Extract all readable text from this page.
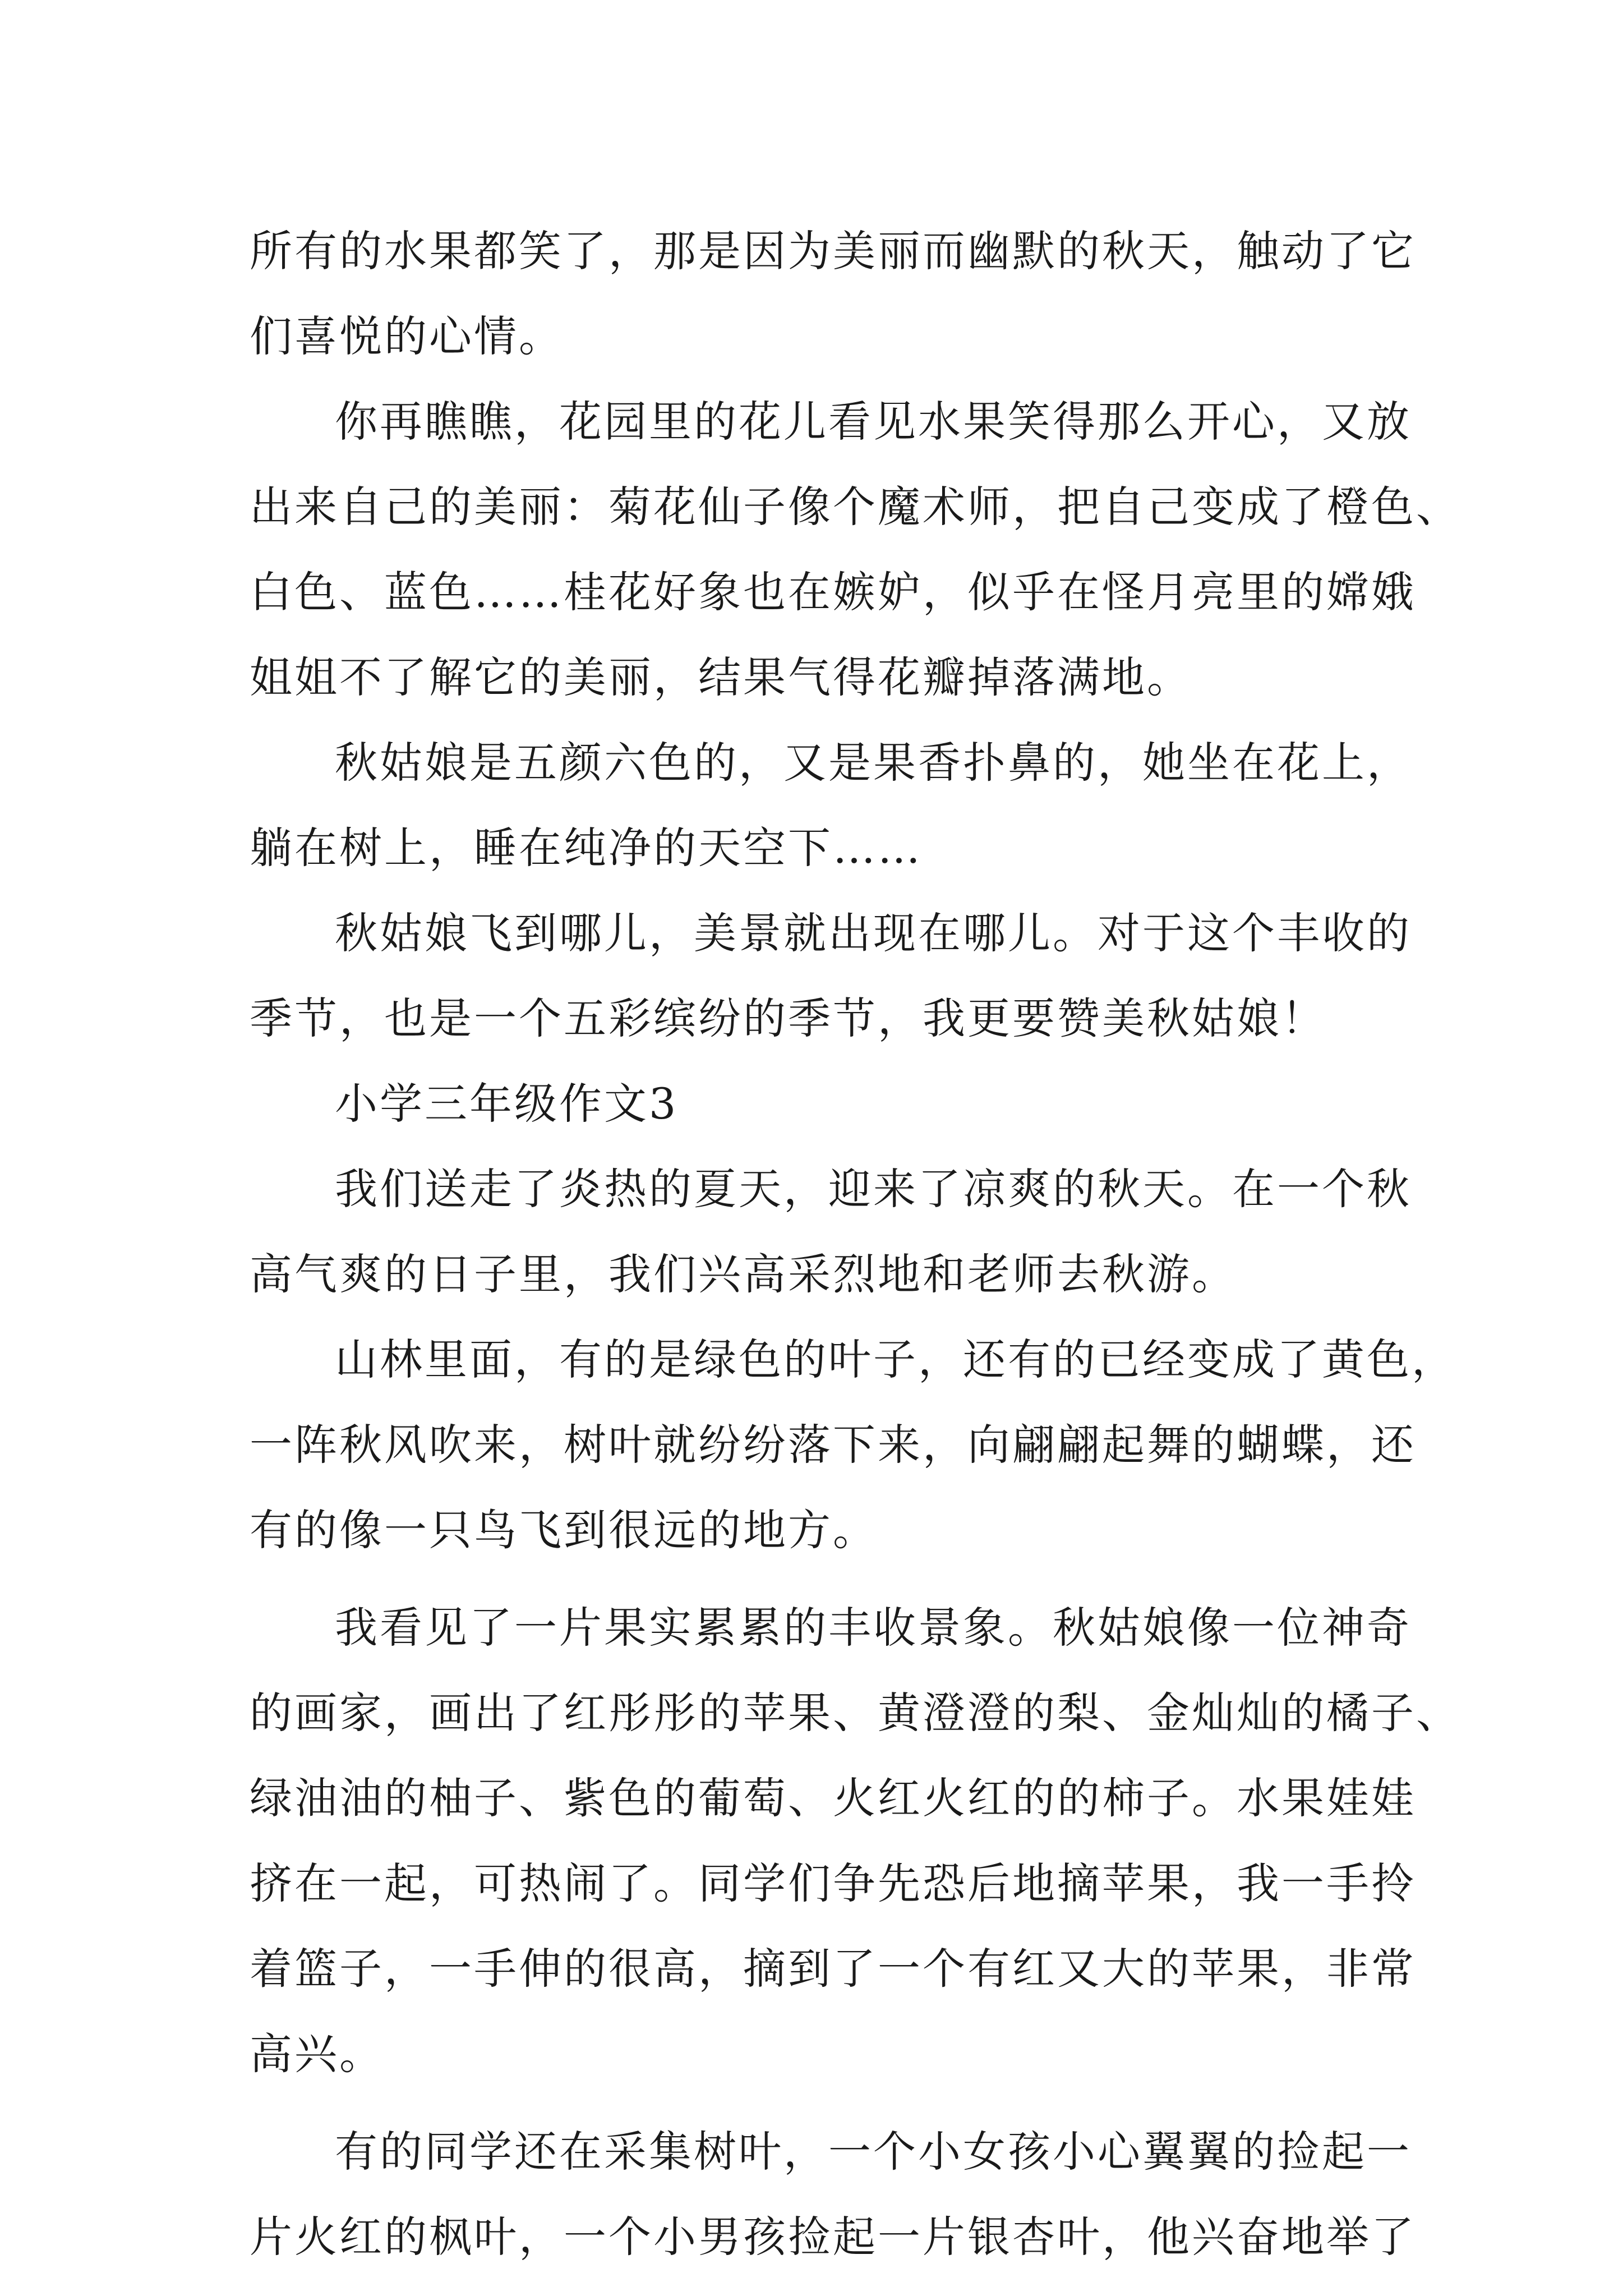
所有的水果都笑了，那是因为美丽而幽默的秋天，触动了它
们喜悦的心情。
你再瞧瞧，花园里的花儿看见水果笑得那么开心，又放
出来自己的美丽：菊花仙子像个魔术师，把自己变成了橙色、
白色、蓝色……桂花好象也在嫉妒，似乎在怪月亮里的嫦娥
姐姐不了解它的美丽，结果气得花瓣掉落满地。
秋姑娘是五颜六色的，又是果香扑鼻的，她坐在花上，
躺在树上，睡在纯净的天空下……
秋姑娘飞到哪儿，美景就出现在哪儿。对于这个丰收的
季节，也是一个五彩缤纷的季节，我更要赞美秋姑娘！
小学三年级作文3
我们送走了炎热的夏天，迎来了凉爽的秋天。在一个秋
高气爽的日子里，我们兴高采烈地和老师去秋游。
山林里面，有的是绿色的叶子，还有的已经变成了黄色，
一阵秋风吹来，树叶就纷纷落下来，向翩翩起舞的蝴蝶，还
有的像一只鸟飞到很远的地方。
我看见了一片果实累累的丰收景象。秋姑娘像一位神奇
的画家，画出了红彤彤的苹果、黄澄澄的梨、金灿灿的橘子、
绿油油的柚子、紫色的葡萄、火红火红的的柿子。水果娃娃
挤在一起，可热闹了。同学们争先恐后地摘苹果，我一手拎
着篮子，一手伸的很高，摘到了一个有红又大的苹果，非常
高兴。
有的同学还在采集树叶，一个小女孩小心翼翼的捡起一
片火红的枫叶，一个小男孩捡起一片银杏叶，他兴奋地举了
